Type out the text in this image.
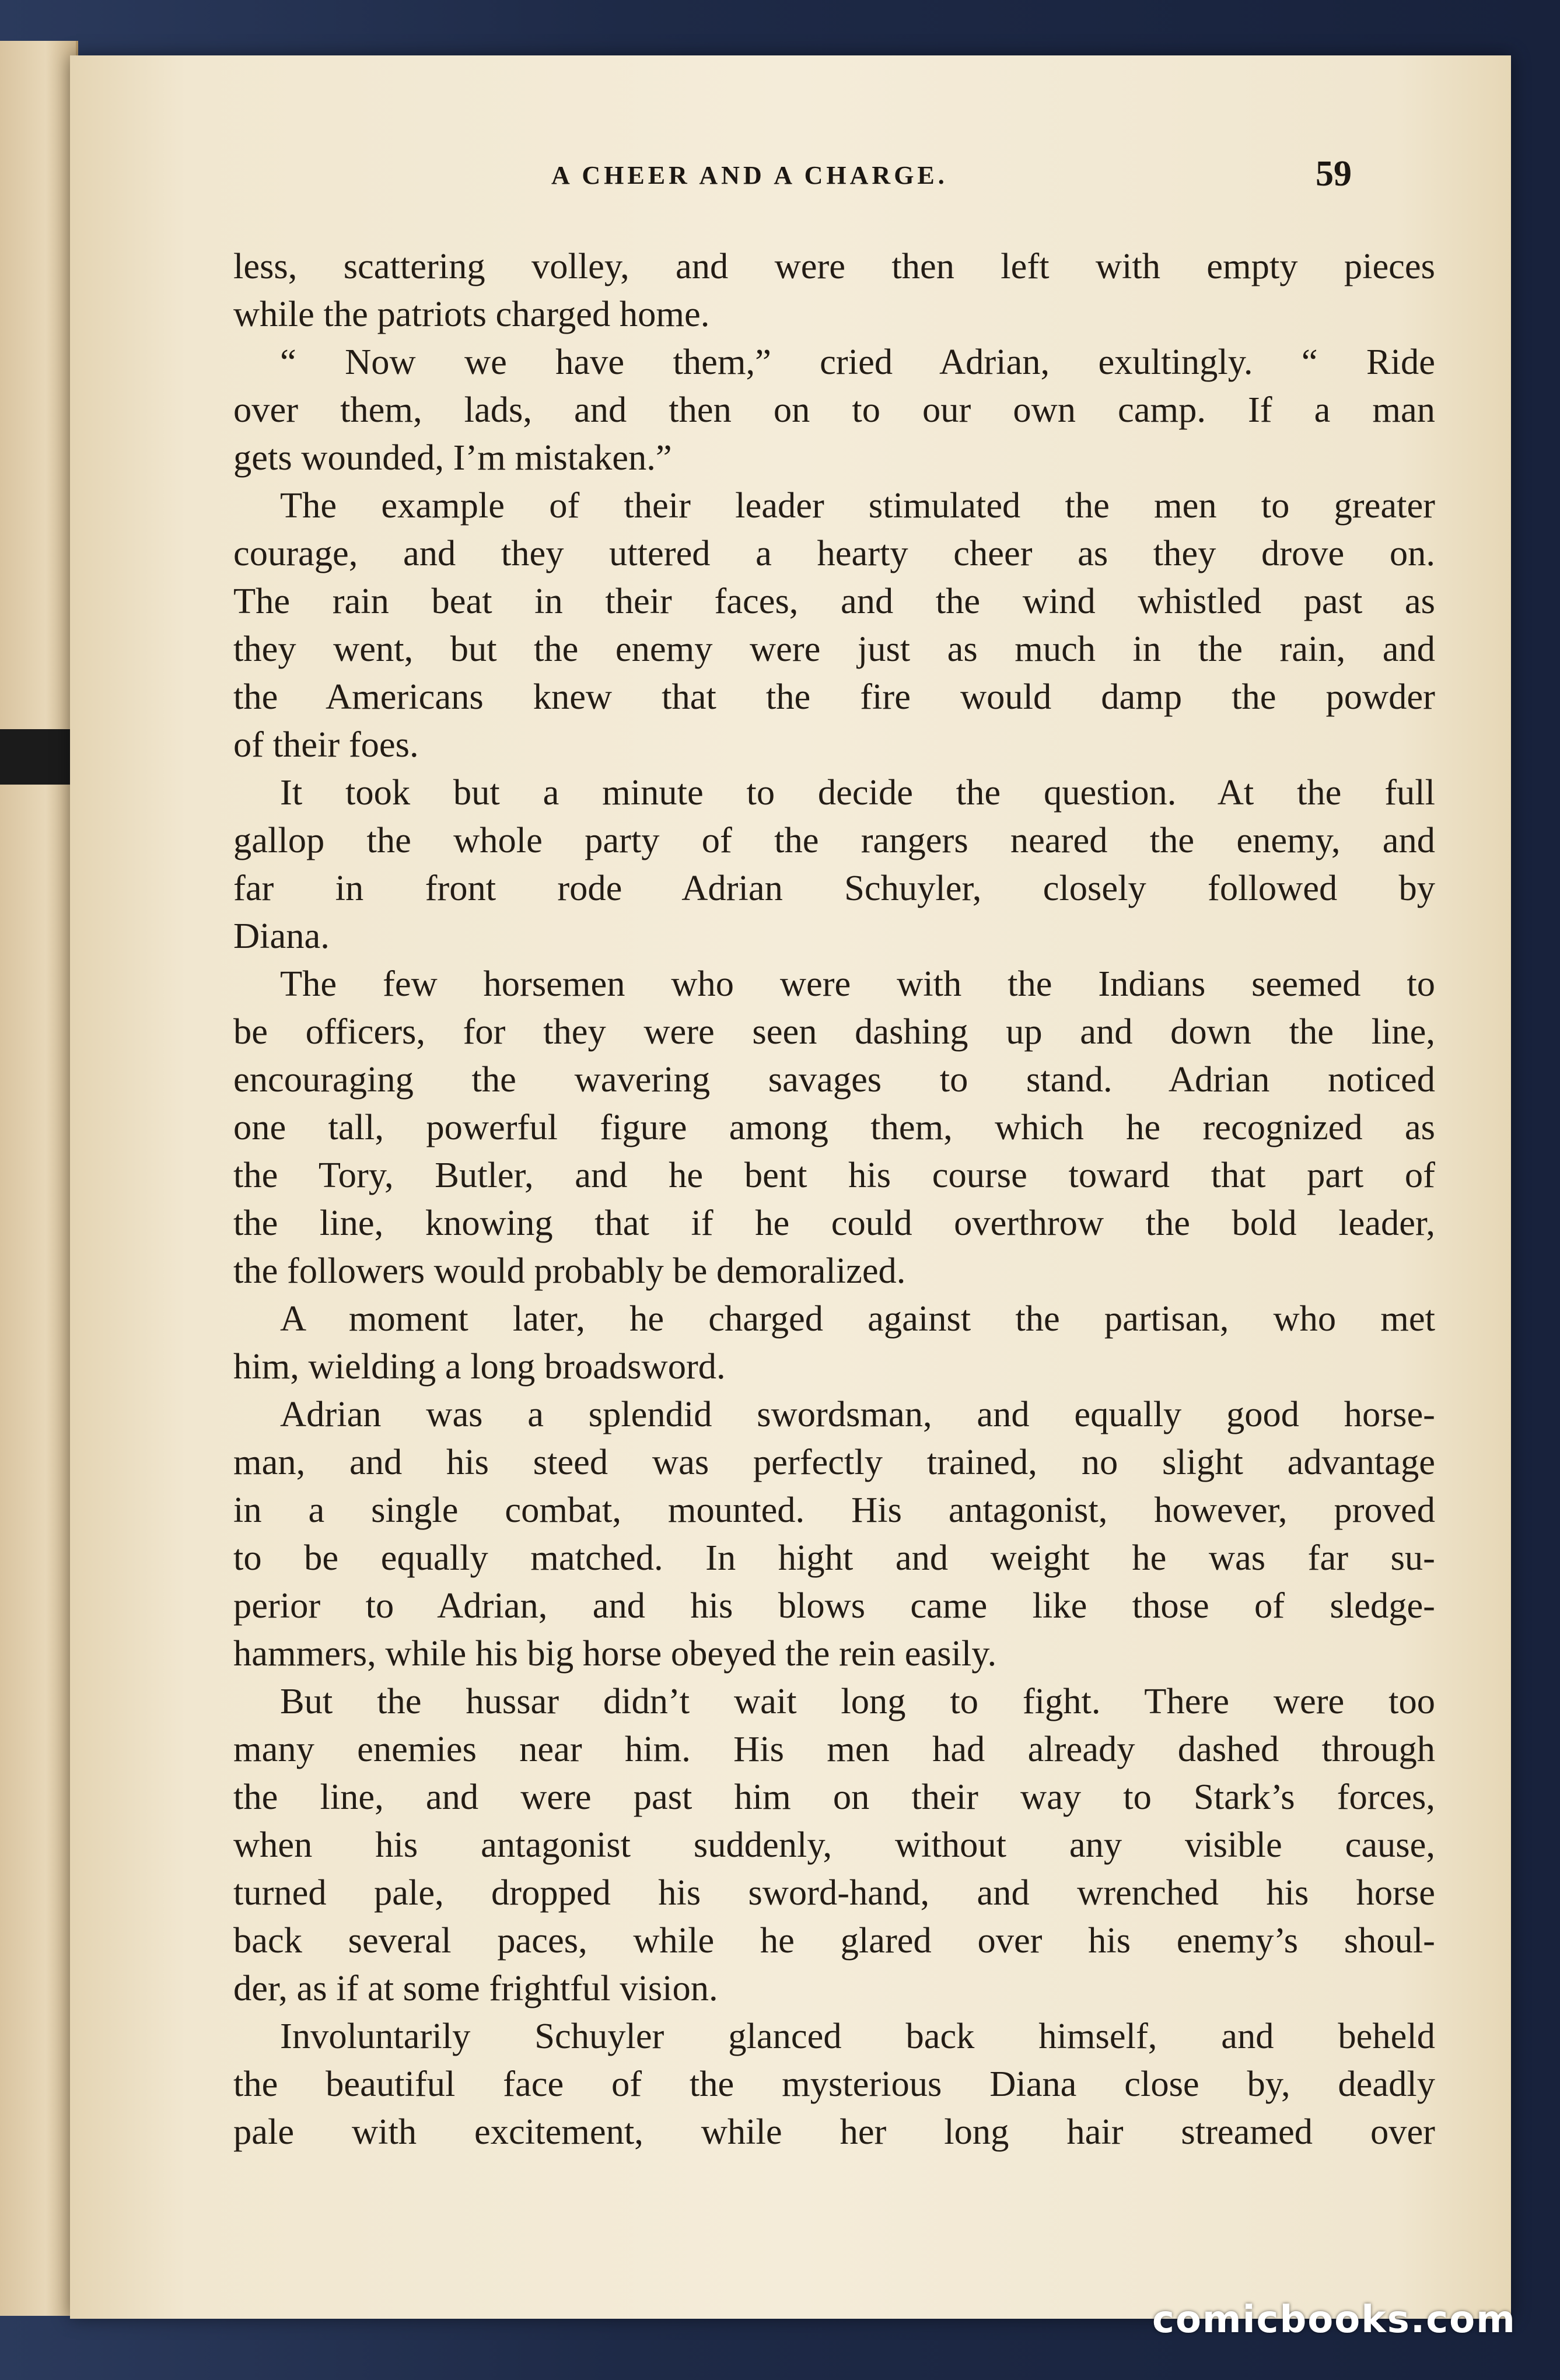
A CHEER AND A CHARGE.	59
less, scattering volley, and were then left with empty pieces
while the patriots charged home.
“ Now we have them,” cried Adrian, exultingly. “ Ride
over them, lads, and then on to our own camp. If a man
gets wounded, I’m mistaken.”
The example of their leader stimulated the men to greater
courage, and they uttered a hearty cheer as they drove on.
The rain beat in their faces, and the wind whistled past as
they went, but the enemy were just as much in the rain, and
the Americans knew that the fire would damp the powder
of their foes.
It took but a minute to decide the question. At the full
gallop the whole party of the rangers neared the enemy, and
far in front rode Adrian Schuyler, closely followed by
Diana.
The few horsemen who were with the Indians seemed to
be officers, for they were seen dashing up and down the line,
encouraging the wavering savages to stand. Adrian noticed
one tall, powerful figure among them, which he recognized as
the Tory, Butler, and he bent his course toward that part of
the line, knowing that if he could overthrow the bold leader,
the followers would probably be demoralized.
A moment later, he charged against the partisan, who met
him, wielding a long broadsword.
Adrian was a splendid swordsman, and equally good horse-
man, and his steed was perfectly trained, no slight advantage
in a single combat, mounted. His antagonist, however, proved
to be equally matched. In hight and weight he was far su-
perior to Adrian, and his blows came like those of sledge-
hammers, while his big horse obeyed the rein easily.
But the hussar didn’t wait long to fight. There were too
many enemies near him. His men had already dashed through
the line, and were past him on their way to Stark’s forces,
when his antagonist suddenly, without any visible cause,
turned pale, dropped his sword-hand, and wrenched his horse
back several paces, while he glared over his enemy’s shoul-
der, as if at some frightful vision.
Involuntarily Schuyler glanced back himself, and beheld
the beautiful face of the mysterious Diana close by, deadly
pale with excitement, while her long hair streamed over
comicbooks.com
